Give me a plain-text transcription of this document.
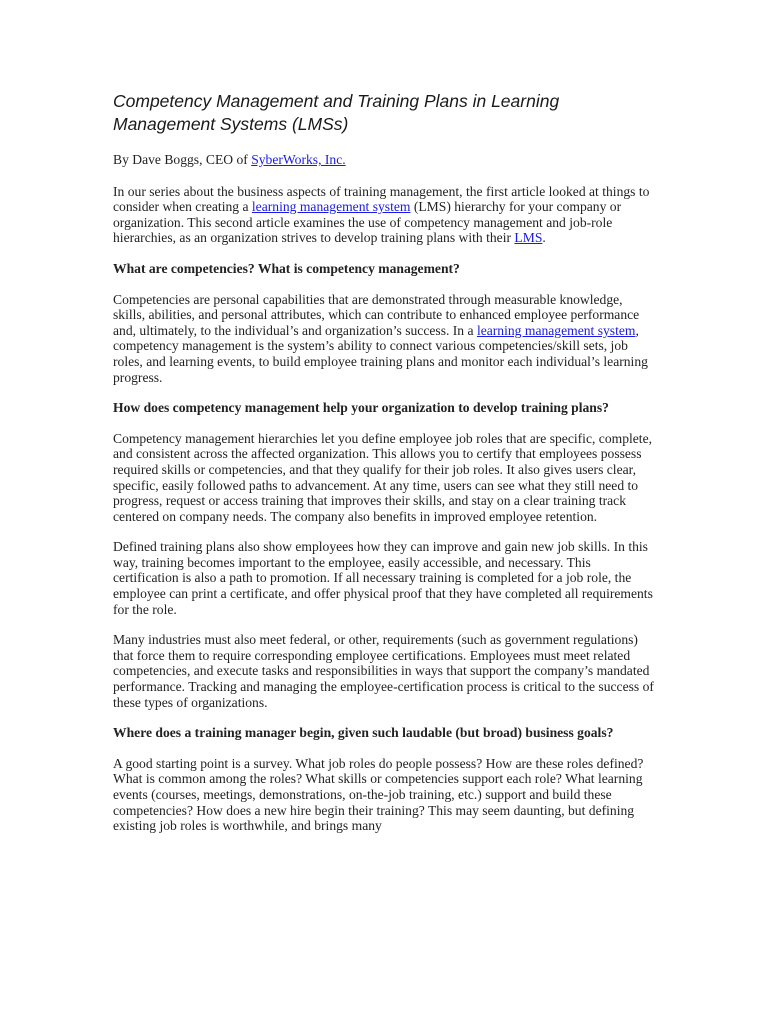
Competency Management and Training Plans in Learning Management Systems (LMSs)

By Dave Boggs, CEO of SyberWorks, Inc.

In our series about the business aspects of training management, the first article looked at things to consider when creating a learning management system (LMS) hierarchy for your company or organization. This second article examines the use of competency management and job-role hierarchies, as an organization strives to develop training plans with their LMS.

What are competencies? What is competency management?

Competencies are personal capabilities that are demonstrated through measurable knowledge, skills, abilities, and personal attributes, which can contribute to enhanced employee performance and, ultimately, to the individual’s and organization’s success. In a learning management system, competency management is the system’s ability to connect various competencies/skill sets, job roles, and learning events, to build employee training plans and monitor each individual’s learning progress.

How does competency management help your organization to develop training plans?

Competency management hierarchies let you define employee job roles that are specific, complete, and consistent across the affected organization. This allows you to certify that employees possess required skills or competencies, and that they qualify for their job roles. It also gives users clear, specific, easily followed paths to advancement. At any time, users can see what they still need to progress, request or access training that improves their skills, and stay on a clear training track centered on company needs. The company also benefits in improved employee retention.

Defined training plans also show employees how they can improve and gain new job skills. In this way, training becomes important to the employee, easily accessible, and necessary. This certification is also a path to promotion. If all necessary training is completed for a job role, the employee can print a certificate, and offer physical proof that they have completed all requirements for the role.

Many industries must also meet federal, or other, requirements (such as government regulations) that force them to require corresponding employee certifications. Employees must meet related competencies, and execute tasks and responsibilities in ways that support the company’s mandated performance. Tracking and managing the employee-certification process is critical to the success of these types of organizations.

Where does a training manager begin, given such laudable (but broad) business goals?

A good starting point is a survey. What job roles do people possess? How are these roles defined? What is common among the roles? What skills or competencies support each role? What learning events (courses, meetings, demonstrations, on-the-job training, etc.) support and build these competencies? How does a new hire begin their training? This may seem daunting, but defining existing job roles is worthwhile, and brings many
